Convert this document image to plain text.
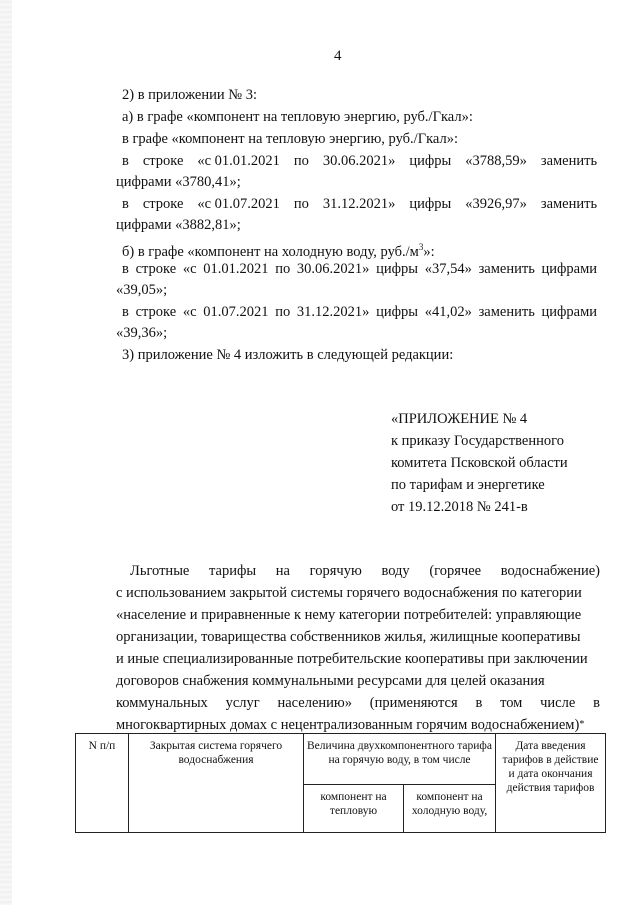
4
2) в приложении № 3:
а) в графе «компонент на тепловую энергию, руб./Гкал»:
в графе «компонент на тепловую энергию, руб./Гкал»:
в строке «с 01.01.2021 по 30.06.2021» цифры «3788,59» заменить
цифрами «3780,41»;
в строке «с 01.07.2021 по 31.12.2021» цифры «3926,97» заменить
цифрами «3882,81»;
б) в графе «компонент на холодную воду, $руб./м^3$»:
в строке «с 01.01.2021 по 30.06.2021» цифры «37,54» заменить цифрами
«39,05»;
в строке «с 01.07.2021 по 31.12.2021» цифры «41,02» заменить цифрами
«39,36»;
3) приложение № 4 изложить в следующей редакции:
«ПРИЛОЖЕНИЕ № 4
к приказу Государственного
комитета Псковской области
по тарифам и энергетике
от 19.12.2018 № 241-в
Льготные тарифы на горячую воду (горячее водоснабжение)
с использованием закрытой системы горячего водоснабжения по категории
«население и приравненные к нему категории потребителей: управляющие
организации, товарищества собственников жилья, жилищные кооперативы
и иные специализированные потребительские кооперативы при заключении
договоров снабжения коммунальными ресурсами для целей оказания
коммунальных услуг населению» (применяются в том числе в
многоквартирных домах с нецентрализованным горячим водоснабжением) *
N п/п	Закрытая система горячего водоснабжения	Величина двухкомпонентного тарифа на горячую воду, в том числе		Дата введения тарифов в действие и дата окончания действия тарифов
		компонент на тепловую	компонент на холодную воду,	
